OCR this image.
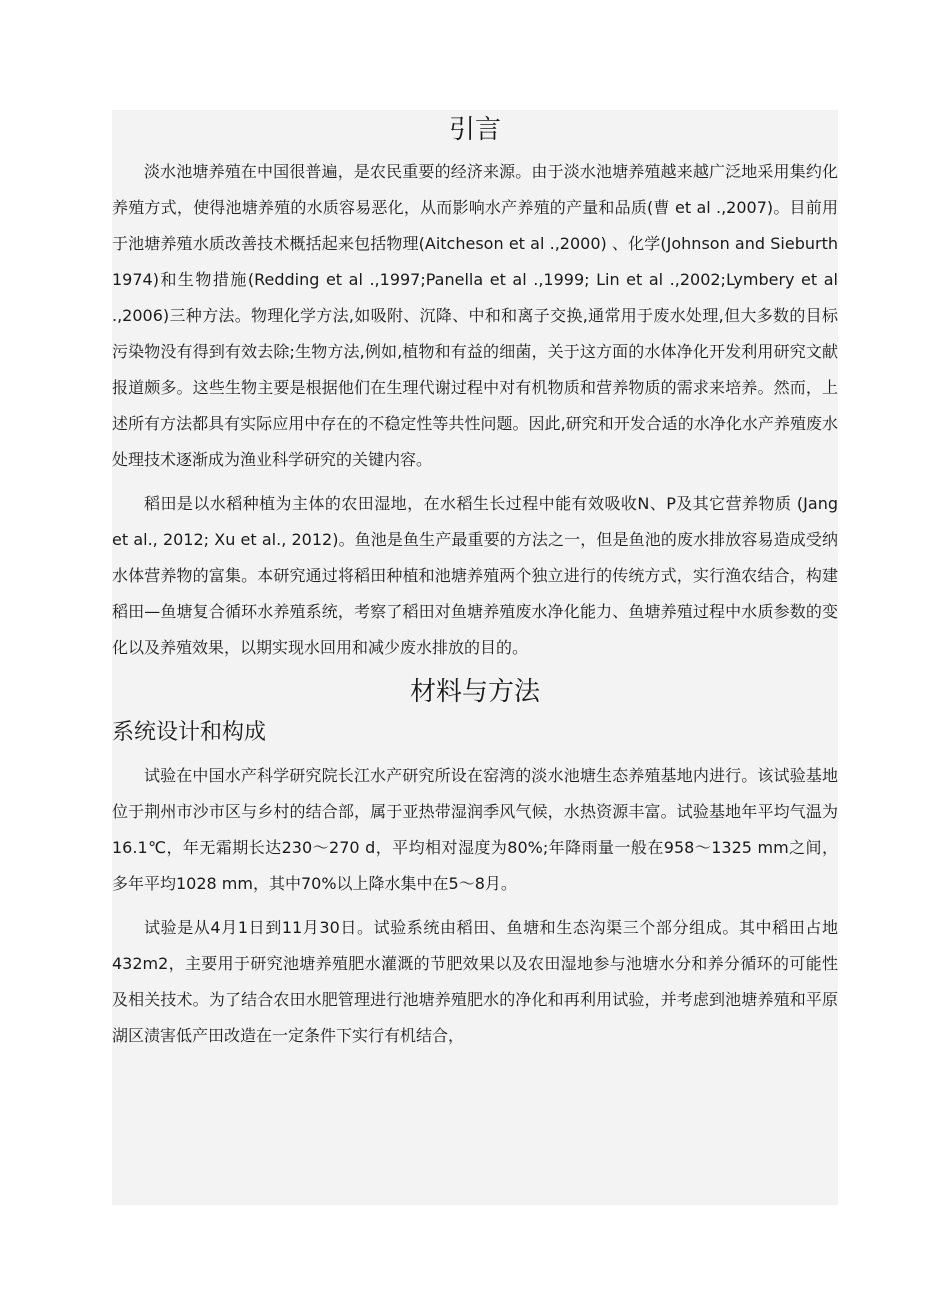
引言

淡水池塘养殖在中国很普遍，是农民重要的经济来源。由于淡水池塘养殖越来越广泛地采用集约化养殖方式，使得池塘养殖的水质容易恶化，从而影响水产养殖的产量和品质(曹 et al .,2007)。目前用于池塘养殖水质改善技术概括起来包括物理(Aitcheson et al .,2000) 、化学(Johnson and Sieburth 1974)和生物措施(Redding et al .,1997;Panella et al .,1999; Lin et al .,2002;Lymbery et al .,2006)三种方法。物理化学方法,如吸附、沉降、中和和离子交换,通常用于废水处理,但大多数的目标污染物没有得到有效去除;生物方法,例如,植物和有益的细菌，关于这方面的水体净化开发利用研究文献报道颇多。这些生物主要是根据他们在生理代谢过程中对有机物质和营养物质的需求来培养。然而，上述所有方法都具有实际应用中存在的不稳定性等共性问题。因此,研究和开发合适的水净化水产养殖废水处理技术逐渐成为渔业科学研究的关键内容。

稻田是以水稻种植为主体的农田湿地，在水稻生长过程中能有效吸收N、P及其它营养物质 (Jang et al., 2012; Xu et al., 2012)。鱼池是鱼生产最重要的方法之一，但是鱼池的废水排放容易造成受纳水体营养物的富集。本研究通过将稻田种植和池塘养殖两个独立进行的传统方式，实行渔农结合，构建稻田—鱼塘复合循环水养殖系统，考察了稻田对鱼塘养殖废水净化能力、鱼塘养殖过程中水质参数的变化以及养殖效果，以期实现水回用和减少废水排放的目的。

材料与方法
系统设计和构成

试验在中国水产科学研究院长江水产研究所设在窑湾的淡水池塘生态养殖基地内进行。该试验基地位于荆州市沙市区与乡村的结合部，属于亚热带湿润季风气候，水热资源丰富。试验基地年平均气温为16.1℃，年无霜期长达230～270 d，平均相对湿度为80%;年降雨量一般在958～1325 mm之间，多年平均1028 mm，其中70%以上降水集中在5～8月。

试验是从4月1日到11月30日。试验系统由稻田、鱼塘和生态沟渠三个部分组成。其中稻田占地432m2，主要用于研究池塘养殖肥水灌溉的节肥效果以及农田湿地参与池塘水分和养分循环的可能性及相关技术。为了结合农田水肥管理进行池塘养殖肥水的净化和再利用试验，并考虑到池塘养殖和平原湖区渍害低产田改造在一定条件下实行有机结合，
